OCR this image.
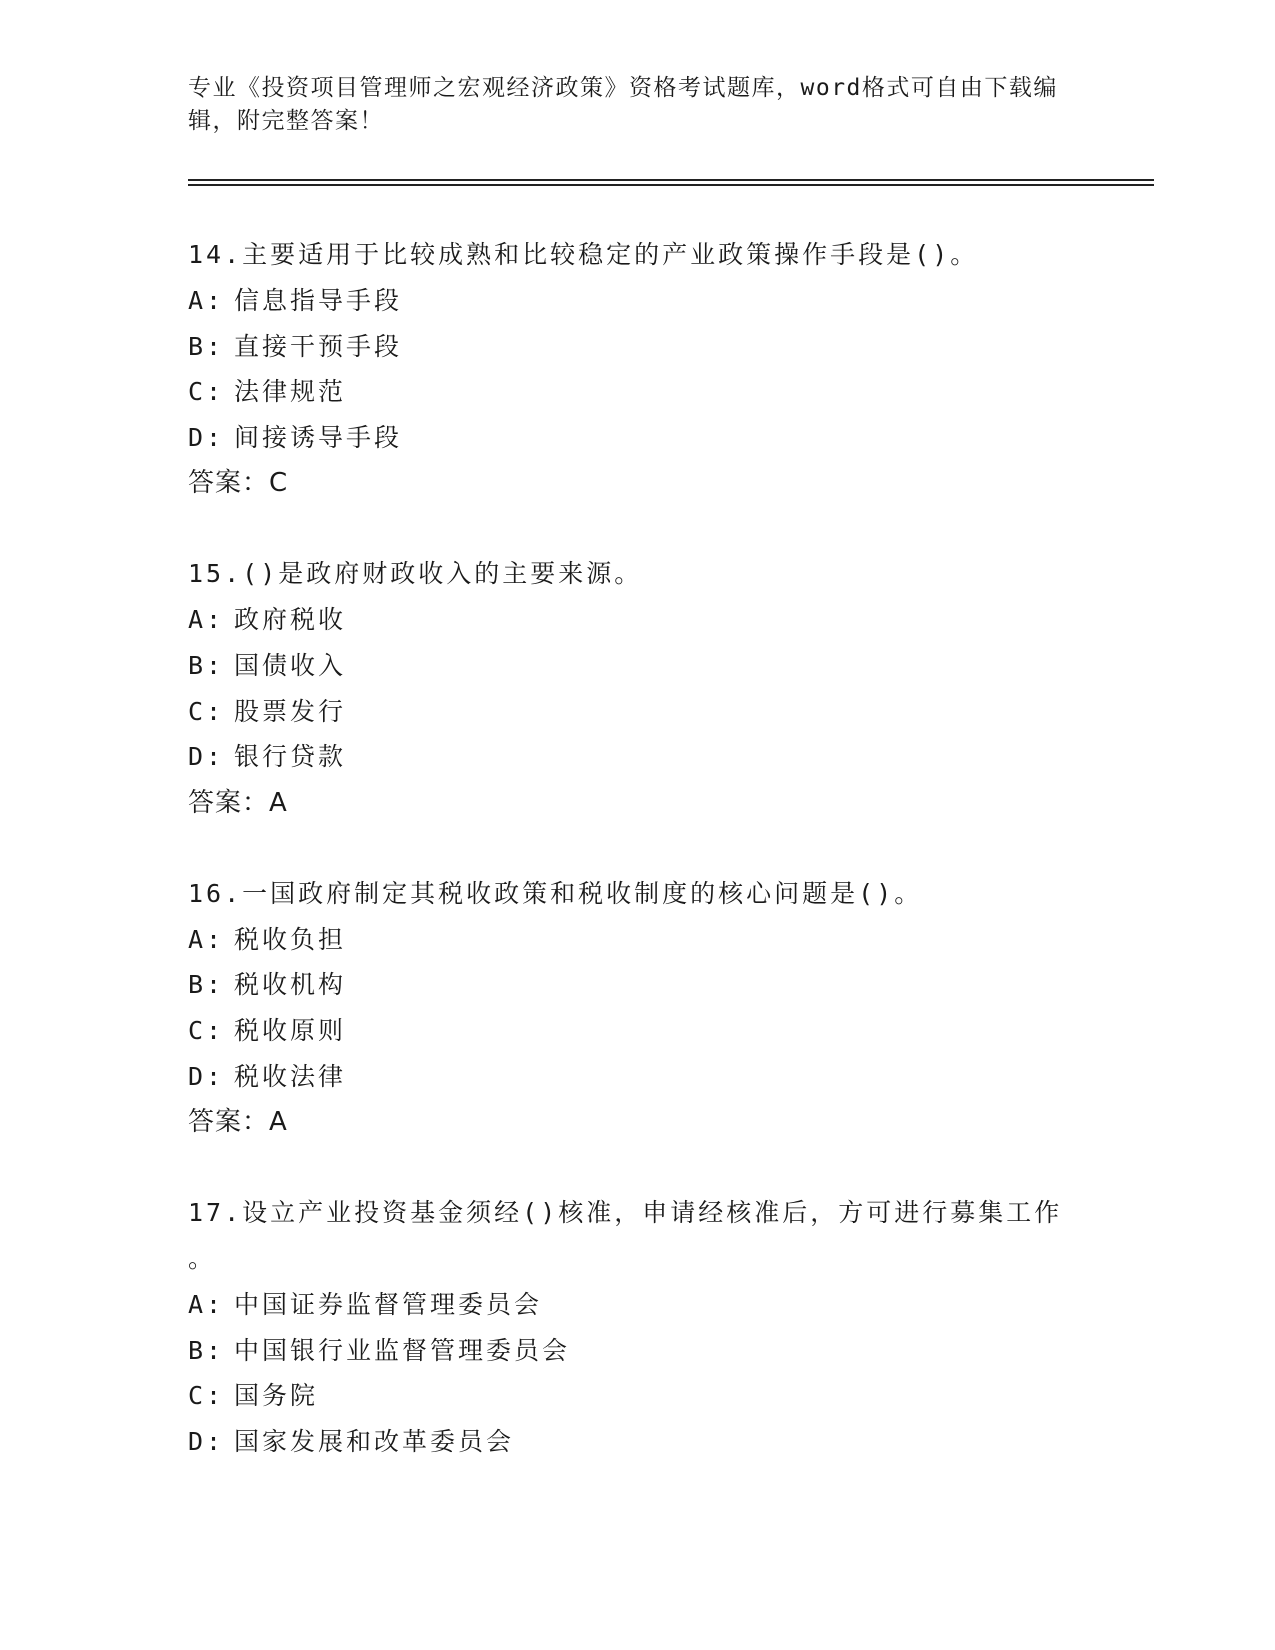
专业《投资项目管理师之宏观经济政策》资格考试题库，word格式可自由下载编辑，附完整答案！
14.主要适用于比较成熟和比较稳定的产业政策操作手段是()。
A: 信息指导手段
B: 直接干预手段
C: 法律规范
D: 间接诱导手段
答案：C
15.()是政府财政收入的主要来源。
A: 政府税收
B: 国债收入
C: 股票发行
D: 银行贷款
答案：A
16.一国政府制定其税收政策和税收制度的核心问题是()。
A: 税收负担
B: 税收机构
C: 税收原则
D: 税收法律
答案：A
17.设立产业投资基金须经()核准，申请经核准后，方可进行募集工作
。
A: 中国证券监督管理委员会
B: 中国银行业监督管理委员会
C: 国务院
D: 国家发展和改革委员会
